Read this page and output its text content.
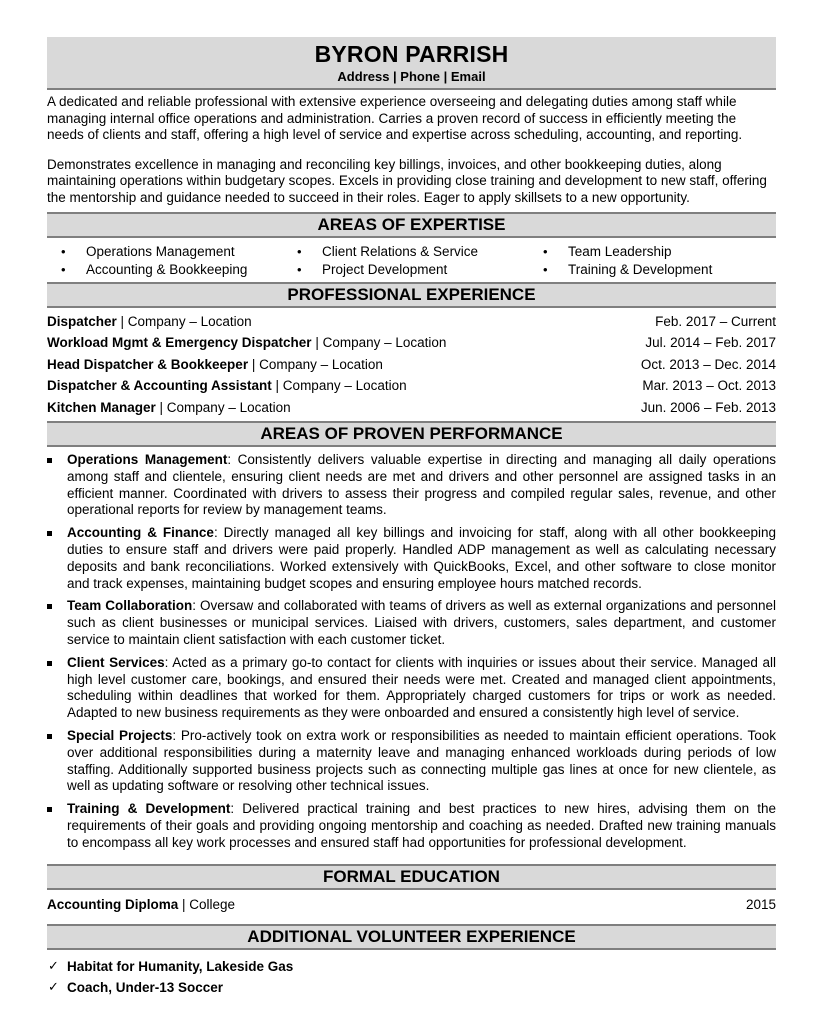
BYRON PARRISH
Address | Phone | Email

A dedicated and reliable professional with extensive experience overseeing and delegating duties among staff while managing internal office operations and administration. Carries a proven record of success in efficiently meeting the needs of clients and staff, offering a high level of service and expertise across scheduling, accounting, and reporting.

Demonstrates excellence in managing and reconciling key billings, invoices, and other bookkeeping duties, along maintaining operations within budgetary scopes. Excels in providing close training and development to new staff, offering the mentorship and guidance needed to succeed in their roles. Eager to apply skillsets to a new opportunity.

AREAS OF EXPERTISE
• Operations Management	• Client Relations & Service	• Team Leadership
• Accounting & Bookkeeping	• Project Development	• Training & Development
PROFESSIONAL EXPERIENCE
Dispatcher | Company – Location	Feb. 2017 – Current
Workload Mgmt & Emergency Dispatcher | Company – Location	Jul. 2014 – Feb. 2017
Head Dispatcher & Bookkeeper | Company – Location	Oct. 2013 – Dec. 2014
Dispatcher & Accounting Assistant | Company – Location	Mar. 2013 – Oct. 2013
Kitchen Manager | Company – Location	Jun. 2006 – Feb. 2013
AREAS OF PROVEN PERFORMANCE
Operations Management: Consistently delivers valuable expertise in directing and managing all daily operations among staff and clientele, ensuring client needs are met and drivers and other personnel are assigned tasks in an efficient manner. Coordinated with drivers to assess their progress and compiled regular sales, revenue, and other operational reports for review by management teams.
Accounting & Finance: Directly managed all key billings and invoicing for staff, along with all other bookkeeping duties to ensure staff and drivers were paid properly. Handled ADP management as well as calculating necessary deposits and bank reconciliations. Worked extensively with QuickBooks, Excel, and other software to close monitor and track expenses, maintaining budget scopes and ensuring employee hours matched records.
Team Collaboration: Oversaw and collaborated with teams of drivers as well as external organizations and personnel such as client businesses or municipal services. Liaised with drivers, customers, sales department, and customer service to maintain client satisfaction with each customer ticket.
Client Services: Acted as a primary go-to contact for clients with inquiries or issues about their service. Managed all high level customer care, bookings, and ensured their needs were met. Created and managed client appointments, scheduling within deadlines that worked for them. Appropriately charged customers for trips or work as needed. Adapted to new business requirements as they were onboarded and ensured a consistently high level of service.
Special Projects: Pro-actively took on extra work or responsibilities as needed to maintain efficient operations. Took over additional responsibilities during a maternity leave and managing enhanced workloads during periods of low staffing. Additionally supported business projects such as connecting multiple gas lines at once for new clientele, as well as updating software or resolving other technical issues.
Training & Development: Delivered practical training and best practices to new hires, advising them on the requirements of their goals and providing ongoing mentorship and coaching as needed. Drafted new training manuals to encompass all key work processes and ensured staff had opportunities for professional development.
FORMAL EDUCATION
Accounting Diploma | College	2015
ADDITIONAL VOLUNTEER EXPERIENCE
✓ Habitat for Humanity, Lakeside Gas
✓ Coach, Under-13 Soccer
